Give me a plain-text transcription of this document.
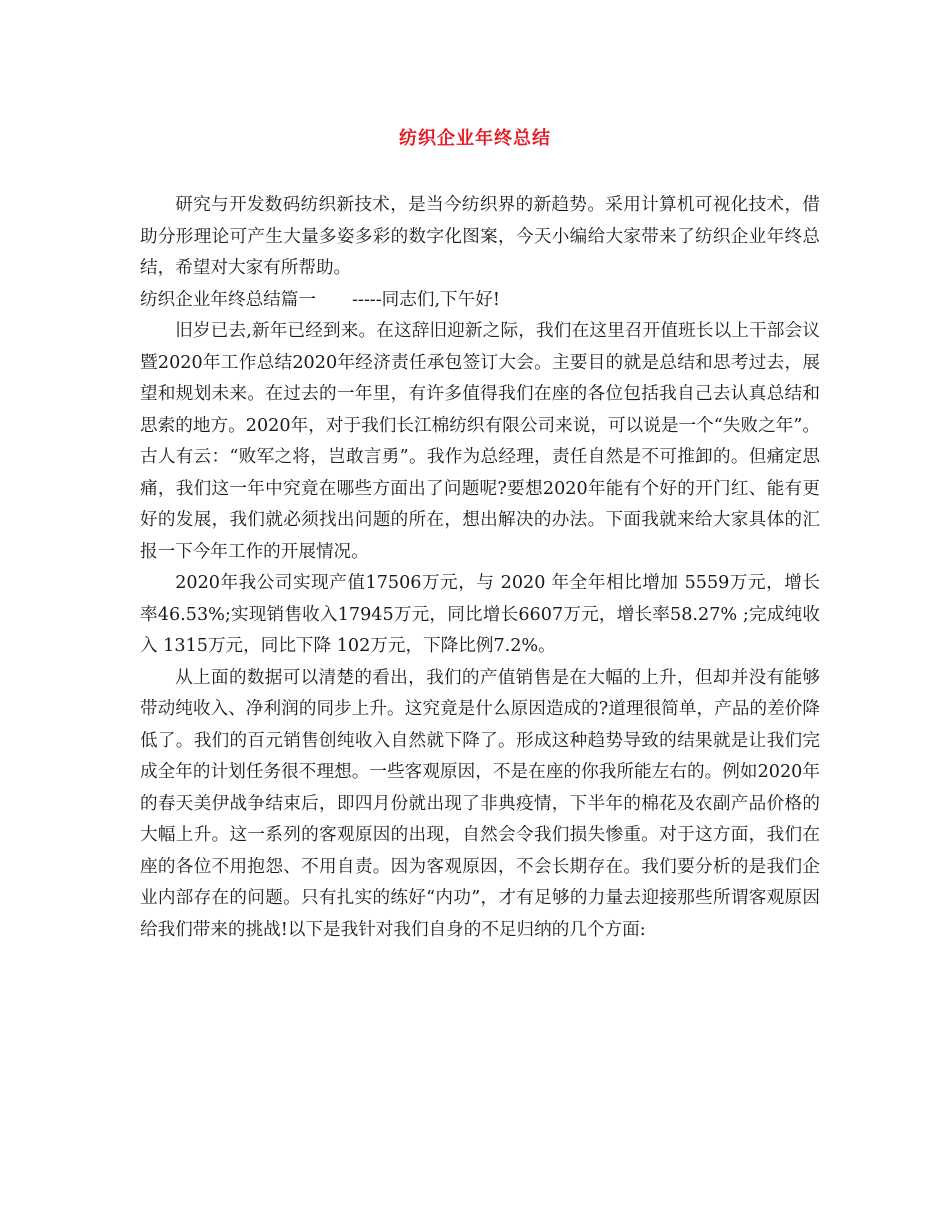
纺织企业年终总结

研究与开发数码纺织新技术，是当今纺织界的新趋势。采用计算机可视化技术，借助分形理论可产生大量多姿多彩的数字化图案，今天小编给大家带来了纺织企业年终总结，希望对大家有所帮助。

纺织企业年终总结篇一 -----同志们,下午好!

旧岁已去,新年已经到来。在这辞旧迎新之际，我们在这里召开值班长以上干部会议暨2020年工作总结2020年经济责任承包签订大会。主要目的就是总结和思考过去，展望和规划未来。在过去的一年里，有许多值得我们在座的各位包括我自己去认真总结和思索的地方。2020年，对于我们长江棉纺织有限公司来说，可以说是一个“失败之年”。古人有云：“败军之将，岂敢言勇”。我作为总经理，责任自然是不可推卸的。但痛定思痛，我们这一年中究竟在哪些方面出了问题呢?要想2020年能有个好的开门红、能有更好的发展，我们就必须找出问题的所在，想出解决的办法。下面我就来给大家具体的汇报一下今年工作的开展情况。

2020年我公司实现产值17506万元，与 2020 年全年相比增加 5559万元，增长率46.53%;实现销售收入17945万元，同比增长6607万元，增长率58.27% ;完成纯收入 1315万元，同比下降 102万元，下降比例7.2%。

从上面的数据可以清楚的看出，我们的产值销售是在大幅的上升，但却并没有能够带动纯收入、净利润的同步上升。这究竟是什么原因造成的?道理很简单，产品的差价降低了。我们的百元销售创纯收入自然就下降了。形成这种趋势导致的结果就是让我们完成全年的计划任务很不理想。一些客观原因，不是在座的你我所能左右的。例如2020年的春天美伊战争结束后，即四月份就出现了非典疫情，下半年的棉花及农副产品价格的大幅上升。这一系列的客观原因的出现，自然会令我们损失惨重。对于这方面，我们在座的各位不用抱怨、不用自责。因为客观原因，不会长期存在。我们要分析的是我们企业内部存在的问题。只有扎实的练好“内功”，才有足够的力量去迎接那些所谓客观原因给我们带来的挑战!以下是我针对我们自身的不足归纳的几个方面:
